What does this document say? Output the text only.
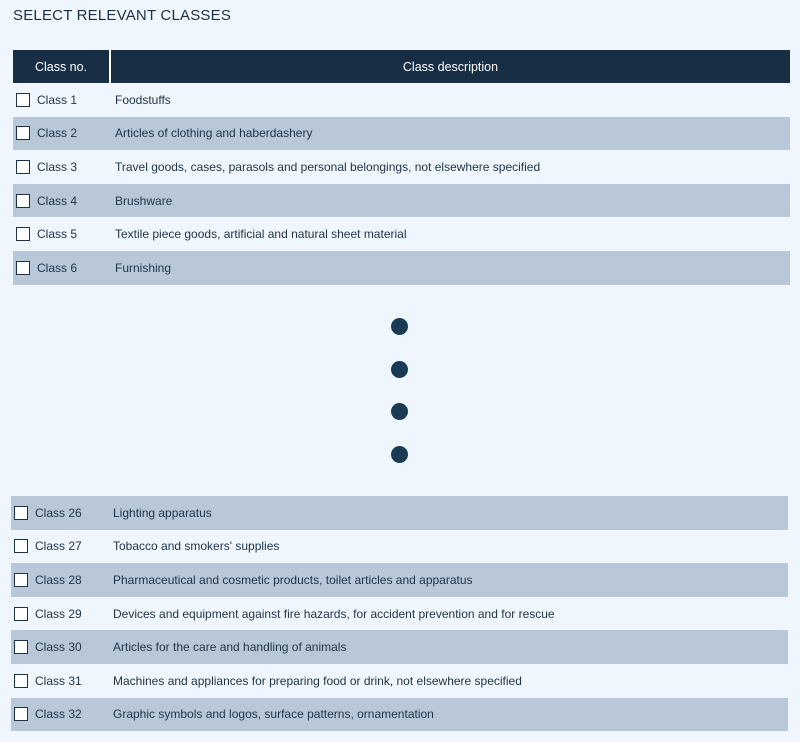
SELECT RELEVANT CLASSES
Class no.	Class description
Class 1	Foodstuffs
Class 2	Articles of clothing and haberdashery
Class 3	Travel goods, cases, parasols and personal belongings, not elsewhere specified
Class 4	Brushware
Class 5	Textile piece goods, artificial and natural sheet material
Class 6	Furnishing
Class 26	Lighting apparatus
Class 27	Tobacco and smokers' supplies
Class 28	Pharmaceutical and cosmetic products, toilet articles and apparatus
Class 29	Devices and equipment against fire hazards, for accident prevention and for rescue
Class 30	Articles for the care and handling of animals
Class 31	Machines and appliances for preparing food or drink, not elsewhere specified
Class 32	Graphic symbols and logos, surface patterns, ornamentation
